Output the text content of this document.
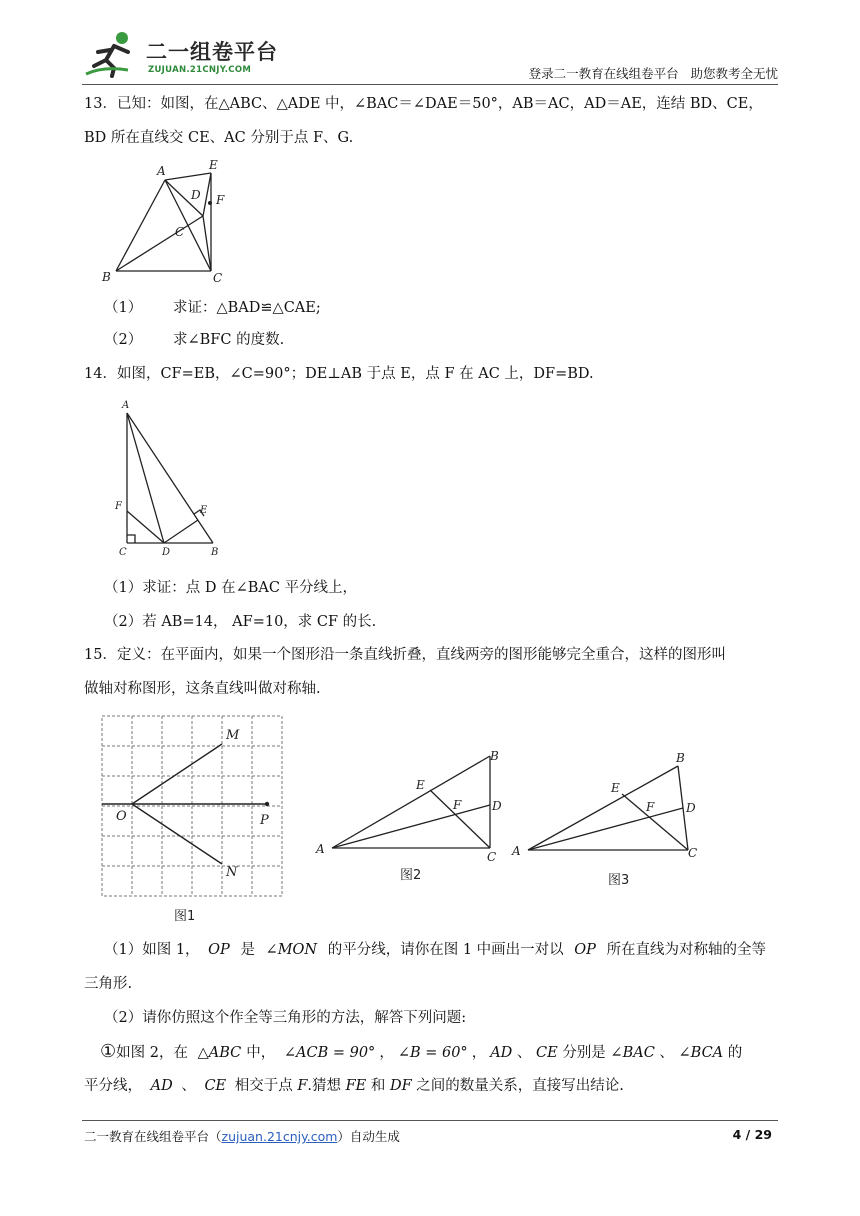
二一组卷平台
ZUJUAN.21CNJY.COM	登录二一教育在线组卷平台   助您教考全无忧
13．已知：如图，在△ABC、△ADE 中，∠BAC＝∠DAE＝50°，AB＝AC，AD＝AE，连结 BD、CE，
BD 所在直线交 CE、AC 分别于点 F、G.
A	E
D F
C
B	C
（1） 求证：△BAD≌△CAE;
（2） 求∠BFC 的度数.
14．如图，CF=EB，∠C=90°；DE⊥AB 于点 E，点 F 在 AC 上，DF=BD.
A
F	E
C	D	B
（1）求证：点 D 在∠BAC 平分线上，
（2）若 AB=14， AF=10，求 CF 的长.
15．定义：在平面内，如果一个图形沿一条直线折叠，直线两旁的图形能够完全重合，这样的图形叫
做轴对称图形，这条直线叫做对称轴.
M
O	P
N
图1
B
E
F	D
A
C
图2
B
E
F	D
A	C
图3
（1）如图 1， OP 是 ∠MON 的平分线，请你在图 1 中画出一对以 OP 所在直线为对称轴的全等
三角形.
（2）请你仿照这个作全等三角形的方法，解答下列问题:
①如图 2，在 △ABC 中， ∠ACB = 90° ， ∠B = 60° ， AD 、 CE 分别是 ∠BAC 、 ∠BCA 的
平分线， AD 、 CE 相交于点 F.猜想 FE 和 DF 之间的数量关系，直接写出结论.
二一教育在线组卷平台（zujuan.21cnjy.com）自动生成	4 / 29
